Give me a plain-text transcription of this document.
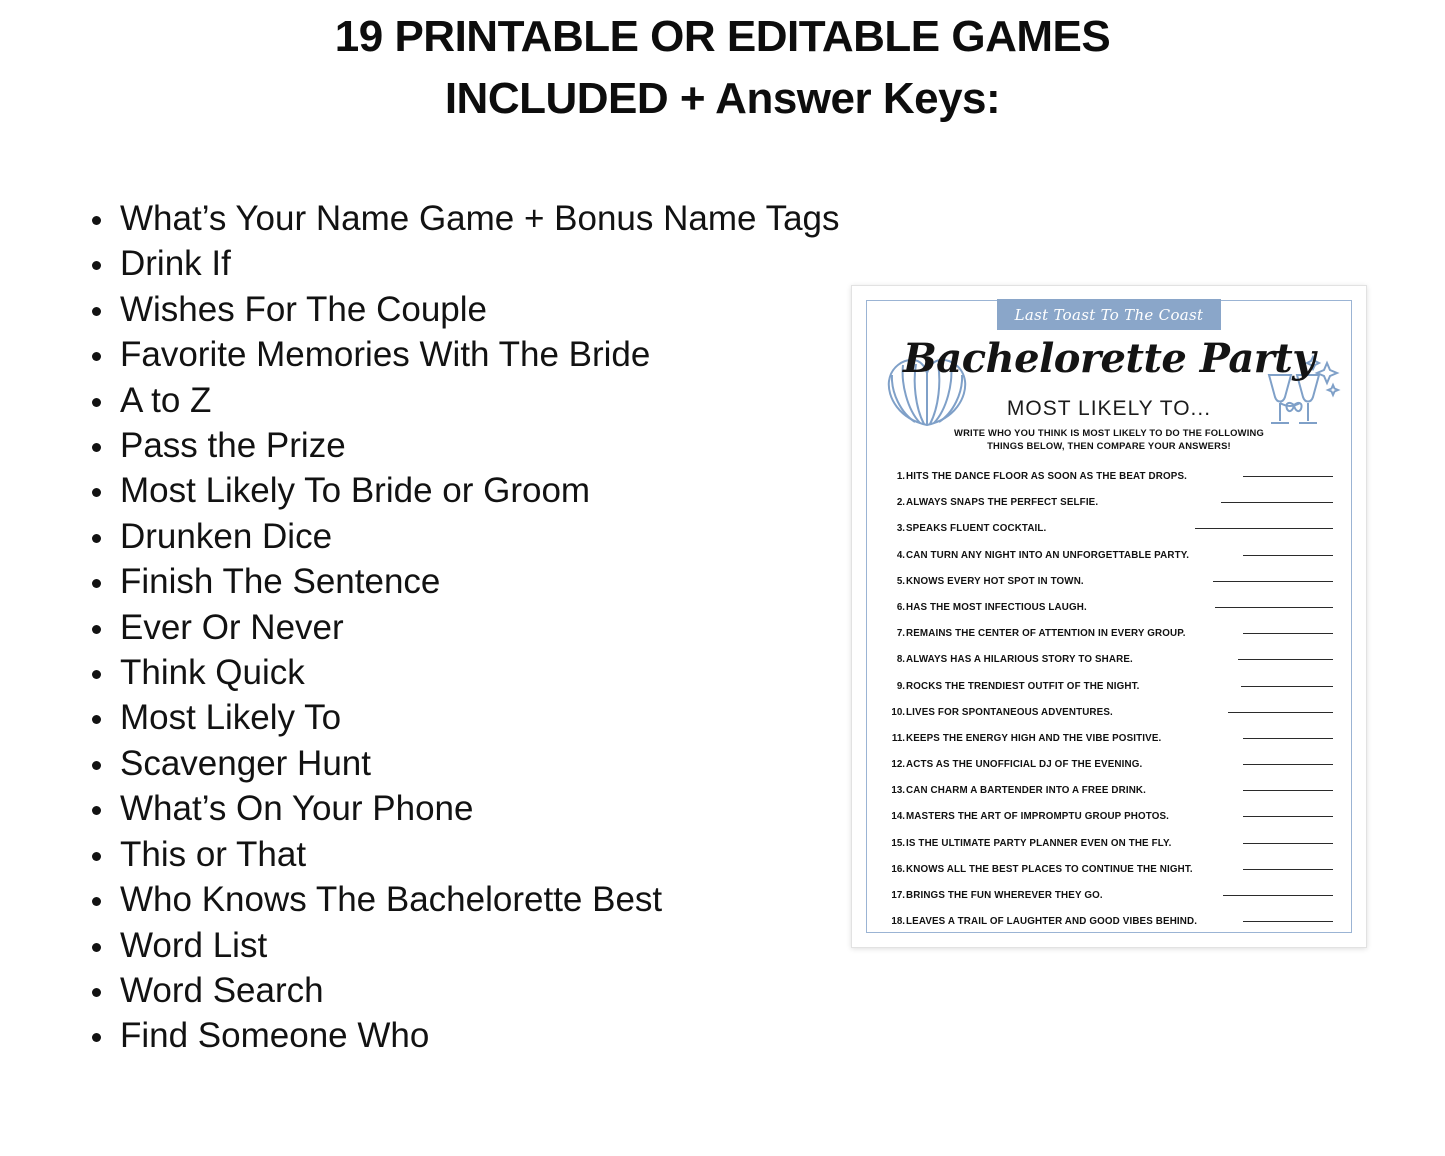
19 PRINTABLE OR EDITABLE GAMES
INCLUDED + Answer Keys:
What’s Your Name Game + Bonus Name Tags
Drink If
Wishes For The Couple
Favorite Memories With The Bride
A to Z
Pass the Prize
Most Likely To Bride or Groom
Drunken Dice
Finish The Sentence
Ever Or Never
Think Quick
Most Likely To
Scavenger Hunt
What’s On Your Phone
This or That
Who Knows The Bachelorette Best
Word List
Word Search
Find Someone Who
Last Toast To The Coast
Bachelorette Party
MOST LIKELY TO...
WRITE WHO YOU THINK IS MOST LIKELY TO DO THE FOLLOWING THINGS BELOW, THEN COMPARE YOUR ANSWERS!
1. HITS THE DANCE FLOOR AS SOON AS THE BEAT DROPS.
2. ALWAYS SNAPS THE PERFECT SELFIE.
3. SPEAKS FLUENT COCKTAIL.
4. CAN TURN ANY NIGHT INTO AN UNFORGETTABLE PARTY.
5. KNOWS EVERY HOT SPOT IN TOWN.
6. HAS THE MOST INFECTIOUS LAUGH.
7. REMAINS THE CENTER OF ATTENTION IN EVERY GROUP.
8. ALWAYS HAS A HILARIOUS STORY TO SHARE.
9. ROCKS THE TRENDIEST OUTFIT OF THE NIGHT.
10. LIVES FOR SPONTANEOUS ADVENTURES.
11. KEEPS THE ENERGY HIGH AND THE VIBE POSITIVE.
12. ACTS AS THE UNOFFICIAL DJ OF THE EVENING.
13. CAN CHARM A BARTENDER INTO A FREE DRINK.
14. MASTERS THE ART OF IMPROMPTU GROUP PHOTOS.
15. IS THE ULTIMATE PARTY PLANNER EVEN ON THE FLY.
16. KNOWS ALL THE BEST PLACES TO CONTINUE THE NIGHT.
17. BRINGS THE FUN WHEREVER THEY GO.
18. LEAVES A TRAIL OF LAUGHTER AND GOOD VIBES BEHIND.
